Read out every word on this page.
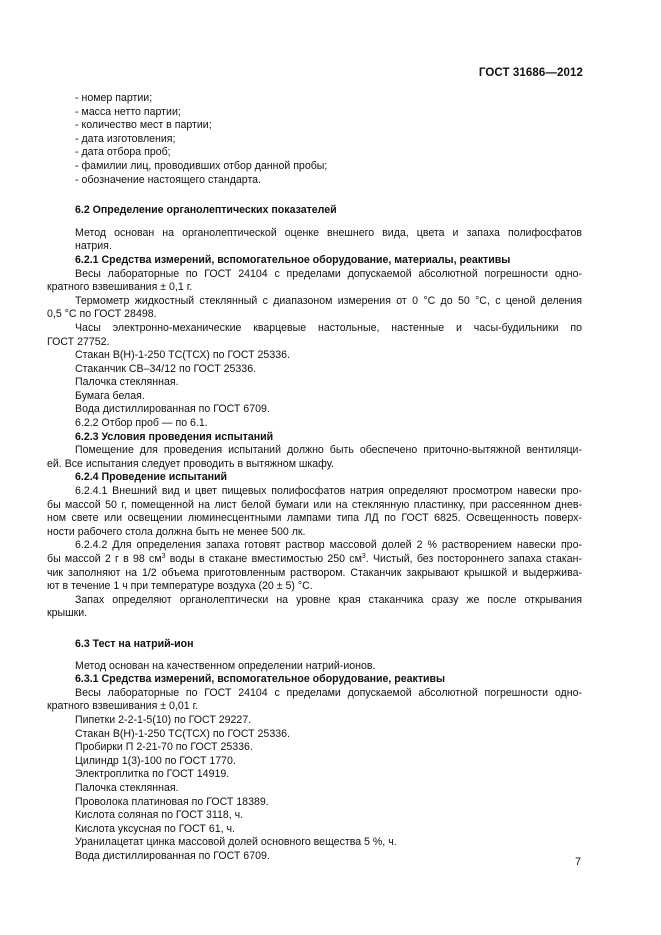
ГОСТ 31686—2012
- номер партии;
- масса нетто партии;
- количество мест в партии;
- дата изготовления;
- дата отбора проб;
- фамилии лиц, проводивших отбор данной пробы;
- обозначение настоящего стандарта.
6.2 Определение органолептических показателей
Метод основан на органолептической оценке внешнего вида, цвета и запаха полифосфатов
натрия.
6.2.1 Средства измерений, вспомогательное оборудование, материалы, реактивы
Весы лабораторные по ГОСТ 24104 с пределами допускаемой абсолютной погрешности одно-
кратного взвешивания ± 0,1 г.
Термометр жидкостный стеклянный с диапазоном измерения от 0 °С до 50 °С, с ценой деления
0,5 °С по ГОСТ 28498.
Часы электронно-механические кварцевые настольные, настенные и часы-будильники по
ГОСТ 27752.
Стакан В(Н)-1-250 ТС(ТСХ) по ГОСТ 25336.
Стаканчик СВ–34/12 по ГОСТ 25336.
Палочка стеклянная.
Бумага белая.
Вода дистиллированная по ГОСТ 6709.
6.2.2 Отбор проб — по 6.1.
6.2.3 Условия проведения испытаний
Помещение для проведения испытаний должно быть обеспечено приточно-вытяжной вентиляци-
ей. Все испытания следует проводить в вытяжном шкафу.
6.2.4 Проведение испытаний
6.2.4.1 Внешний вид и цвет пищевых полифосфатов натрия определяют просмотром навески про-
бы массой 50 г, помещенной на лист белой бумаги или на стеклянную пластинку, при рассеянном днев-
ном свете или освещении люминесцентными лампами типа ЛД по ГОСТ 6825. Освещенность поверх-
ности рабочего стола должна быть не менее 500 лк.
6.2.4.2 Для определения запаха готовят раствор массовой долей 2 % растворением навески про-
бы массой 2 г в 98 $см^3$ воды в стакане вместимостью 250 $см^3$. Чистый, без постороннего запаха стакан-
чик заполняют на 1/2 объема приготовленным раствором. Стаканчик закрывают крышкой и выдержива-
ют в течение 1 ч при температуре воздуха (20 ± 5) °С.
Запах определяют органолептически на уровне края стаканчика сразу же после открывания
крышки.
6.3 Тест на натрий-ион
Метод основан на качественном определении натрий-ионов.
6.3.1 Средства измерений, вспомогательное оборудование, реактивы
Весы лабораторные по ГОСТ 24104 с пределами допускаемой абсолютной погрешности одно-
кратного взвешивания ± 0,01 г.
Пипетки 2-2-1-5(10) по ГОСТ 29227.
Стакан В(Н)-1-250 ТС(ТСХ) по ГОСТ 25336.
Пробирки П 2-21-70 по ГОСТ 25336.
Цилиндр 1(3)-100 по ГОСТ 1770.
Электроплитка по ГОСТ 14919.
Палочка стеклянная.
Проволока платиновая по ГОСТ 18389.
Кислота соляная по ГОСТ 3118, ч.
Кислота уксусная по ГОСТ 61, ч.
Уранилацетат цинка массовой долей основного вещества 5 %, ч.
Вода дистиллированная по ГОСТ 6709.
7
